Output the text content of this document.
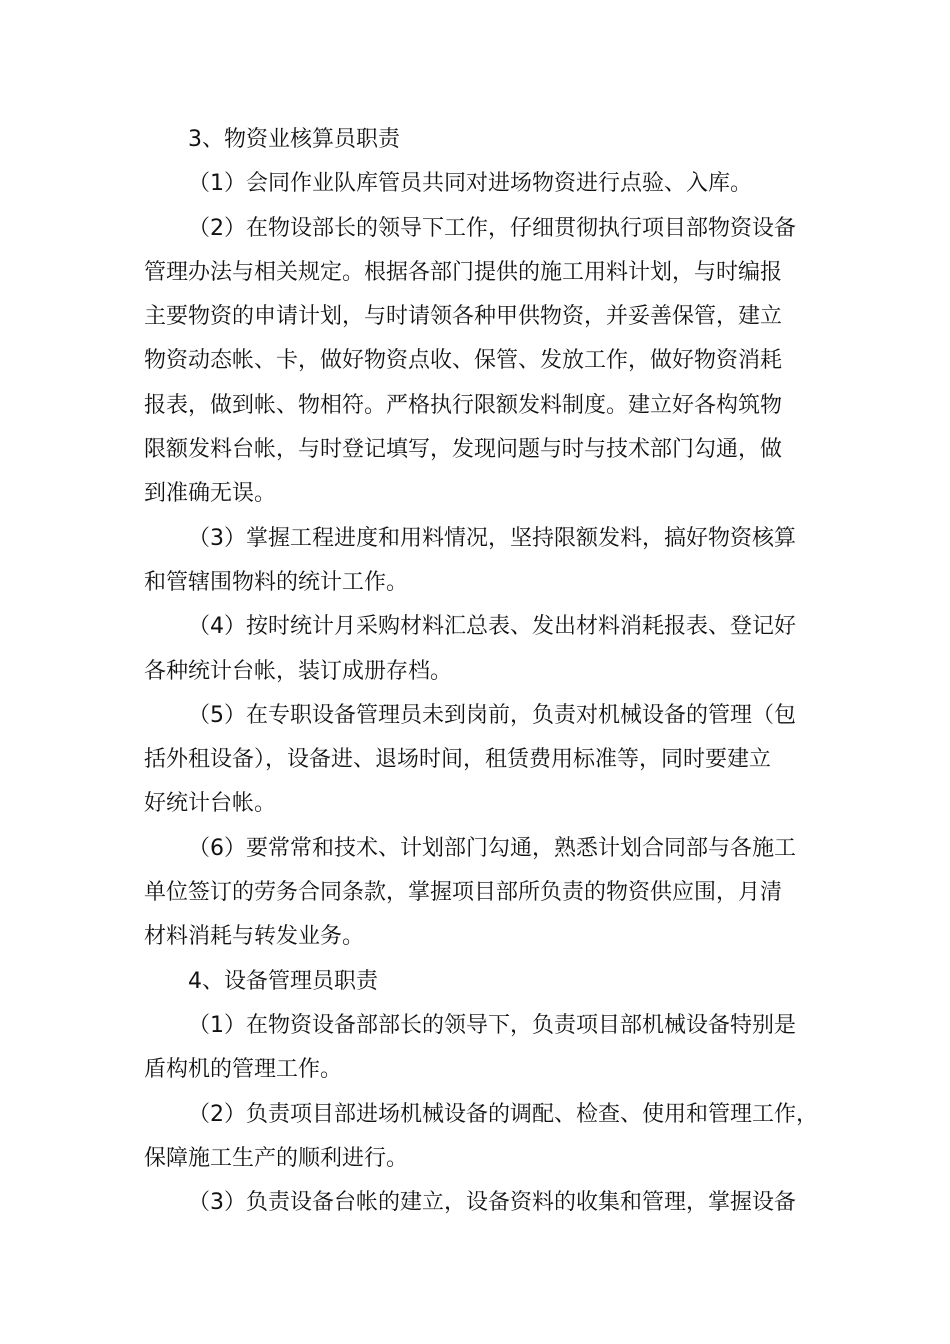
3、物资业核算员职责

（1）会同作业队库管员共同对进场物资进行点验、入库。

（2）在物设部长的领导下工作，仔细贯彻执行项目部物资设备
管理办法与相关规定。根据各部门提供的施工用料计划，与时编报
主要物资的申请计划，与时请领各种甲供物资，并妥善保管，建立
物资动态帐、卡，做好物资点收、保管、发放工作，做好物资消耗
报表，做到帐、物相符。严格执行限额发料制度。建立好各构筑物
限额发料台帐，与时登记填写，发现问题与时与技术部门勾通，做
到准确无误。

（3）掌握工程进度和用料情况，坚持限额发料，搞好物资核算
和管辖围物料的统计工作。

（4）按时统计月采购材料汇总表、发出材料消耗报表、登记好
各种统计台帐，装订成册存档。

（5）在专职设备管理员未到岗前，负责对机械设备的管理（包
括外租设备），设备进、退场时间，租赁费用标准等，同时要建立
好统计台帐。

（6）要常常和技术、计划部门勾通，熟悉计划合同部与各施工
单位签订的劳务合同条款，掌握项目部所负责的物资供应围，月清
材料消耗与转发业务。

4、设备管理员职责

（1）在物资设备部部长的领导下，负责项目部机械设备特别是
盾构机的管理工作。

（2）负责项目部进场机械设备的调配、检查、使用和管理工作，
保障施工生产的顺利进行。

（3）负责设备台帐的建立，设备资料的收集和管理，掌握设备
